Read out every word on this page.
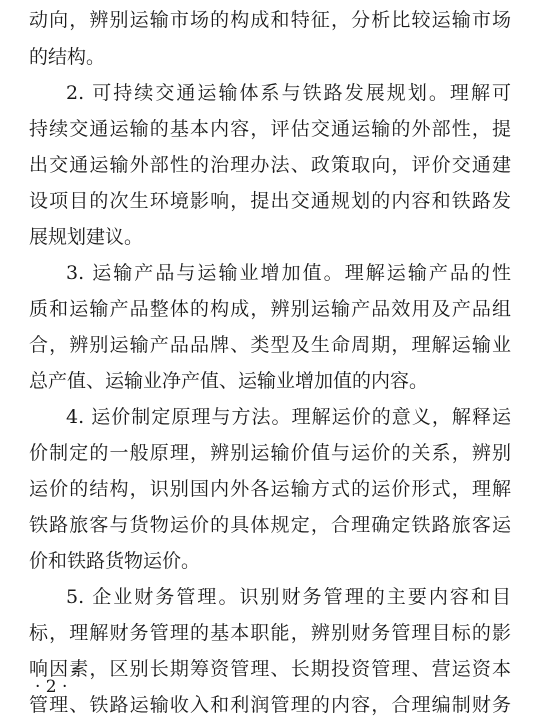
动向，辨别运输市场的构成和特征，分析比较运输市场
的结构。
2. 可持续交通运输体系与铁路发展规划。理解可
持续交通运输的基本内容，评估交通运输的外部性，提
出交通运输外部性的治理办法、政策取向，评价交通建
设项目的次生环境影响，提出交通规划的内容和铁路发
展规划建议。
3. 运输产品与运输业增加值。理解运输产品的性
质和运输产品整体的构成，辨别运输产品效用及产品组
合，辨别运输产品品牌、类型及生命周期，理解运输业
总产值、运输业净产值、运输业增加值的内容。
4. 运价制定原理与方法。理解运价的意义，解释运
价制定的一般原理，辨别运输价值与运价的关系，辨别
运价的结构，识别国内外各运输方式的运价形式，理解
铁路旅客与货物运价的具体规定，合理确定铁路旅客运
价和铁路货物运价。
5. 企业财务管理。识别财务管理的主要内容和目
标，理解财务管理的基本职能，辨别财务管理目标的影
响因素，区别长期筹资管理、长期投资管理、营运资本
管理、铁路运输收入和利润管理的内容，合理编制财务
· 2 ·
